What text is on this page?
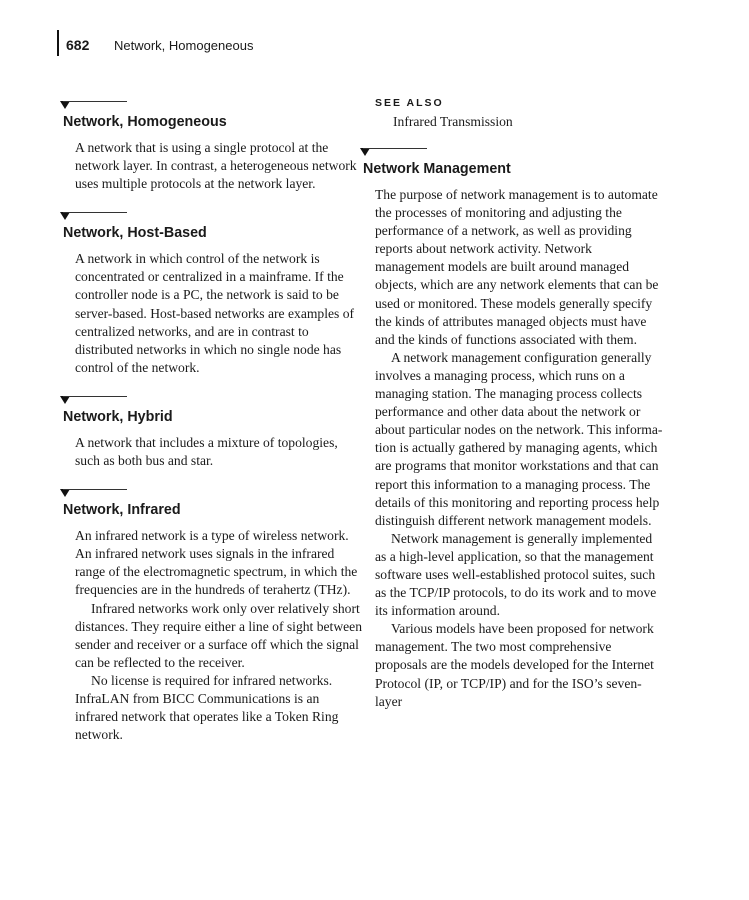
682 Network, Homogeneous
Network, Homogeneous

A network that is using a single protocol at the network layer. In contrast, a heterogeneous network uses multiple protocols at the network layer.

Network, Host-Based

A network in which control of the network is concentrated or centralized in a mainframe. If the controller node is a PC, the network is said to be server-based. Host-based networks are examples of centralized networks, and are in contrast to distributed networks in which no single node has control of the network.

Network, Hybrid

A network that includes a mixture of topologies, such as both bus and star.

Network, Infrared

An infrared network is a type of wireless network. An infrared network uses signals in the infrared range of the electromagnetic spectrum, in which the frequencies are in the hundreds of terahertz (THz).

Infrared networks work only over relatively short distances. They require either a line of sight between sender and receiver or a surface off which the signal can be reflected to the receiver.

No license is required for infrared networks. InfraLAN from BICC Communications is an infrared network that operates like a Token Ring network.

SEE ALSO
Infrared Transmission
Network Management

The purpose of network management is to automate the processes of monitoring and adjusting the performance of a network, as well as providing reports about network activity. Network management models are built around managed objects, which are any network elements that can be used or monitored. These models generally specify the kinds of attributes managed objects must have and the kinds of functions associated with them.

A network management configuration generally involves a managing process, which runs on a managing station. The managing process collects performance and other data about the network or about particular nodes on the network. This information is actually gathered by managing agents, which are programs that monitor workstations and that can report this information to a managing process. The details of this monitoring and reporting process help distinguish different network management models.

Network management is generally implemented as a high-level application, so that the management software uses well-established protocol suites, such as the TCP/IP protocols, to do its work and to move its information around.

Various models have been proposed for network management. The two most comprehensive proposals are the models developed for the Internet Protocol (IP, or TCP/IP) and for the ISO’s seven-layer
